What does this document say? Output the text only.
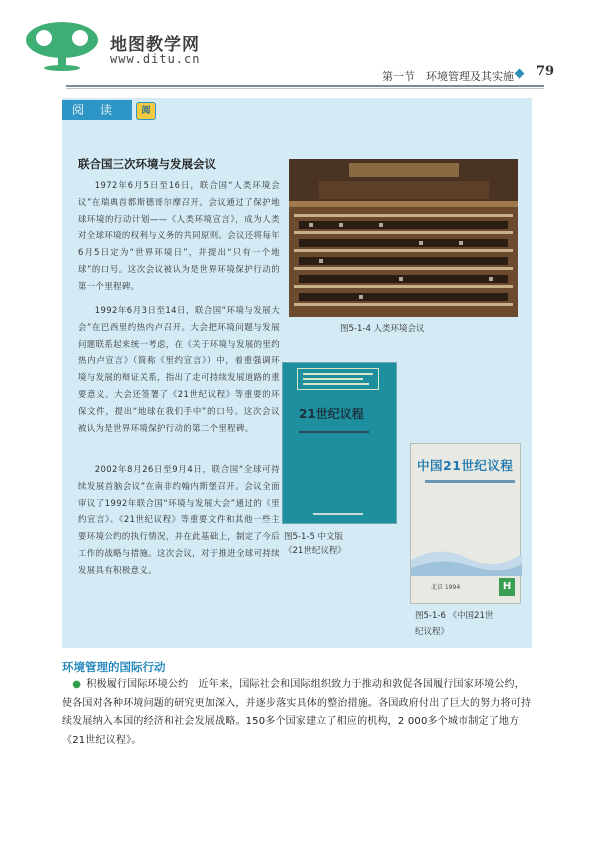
地图教学网
www.ditu.cn
第一节　环境管理及其实施 79
阅 读	阅
联合国三次环境与发展会议

1972年6月5日至16日，联合国“人类环境会议”在瑞典首都斯德哥尔摩召开。会议通过了保护地球环境的行动计划——《人类环境宣言》，成为人类对全球环境的权利与义务的共同原则。会议还将每年6月5日定为“世界环境日”，并提出“只有一个地球”的口号。这次会议被认为是世界环境保护行动的第一个里程碑。

1992年6月3日至14日，联合国“环境与发展大会”在巴西里约热内卢召开。大会把环境问题与发展问题联系起来统一考虑，在《关于环境与发展的里约热内卢宣言》（简称《里约宣言》）中，着重强调环境与发展的辩证关系，指出了走可持续发展道路的重要意义。大会还签署了《21世纪议程》等重要的环保文件，提出“地球在我们手中”的口号。这次会议被认为是世界环境保护行动的第二个里程碑。

2002年8月26日至9月4日，联合国“全球可持续发展首脑会议”在南非约翰内斯堡召开。会议全面审议了1992年联合国“环境与发展大会”通过的《里约宣言》、《21世纪议程》等重要文件和其他一些主要环境公约的执行情况，并在此基础上，制定了今后工作的战略与措施。这次会议，对于推进全球可持续发展具有积极意义。

图5-1-4 人类环境会议
21世纪议程
图5-1-5 中文版
《21世纪议程》
中国21世纪议程
北京 1994	H
图5-1-6 《中国21世
纪议程》
环境管理的国际行动

　●  积极履行国际环境公约　 近年来，国际社会和国际组织致力于推动和敦促各国履行国家环境公约，使各国对各种环境问题的研究更加深入，并逐步落实具体的整治措施。各国政府付出了巨大的努力将可持续发展纳入本国的经济和社会发展战略。150多个国家建立了相应的机构，2 000多个城市制定了地方《21世纪议程》。
